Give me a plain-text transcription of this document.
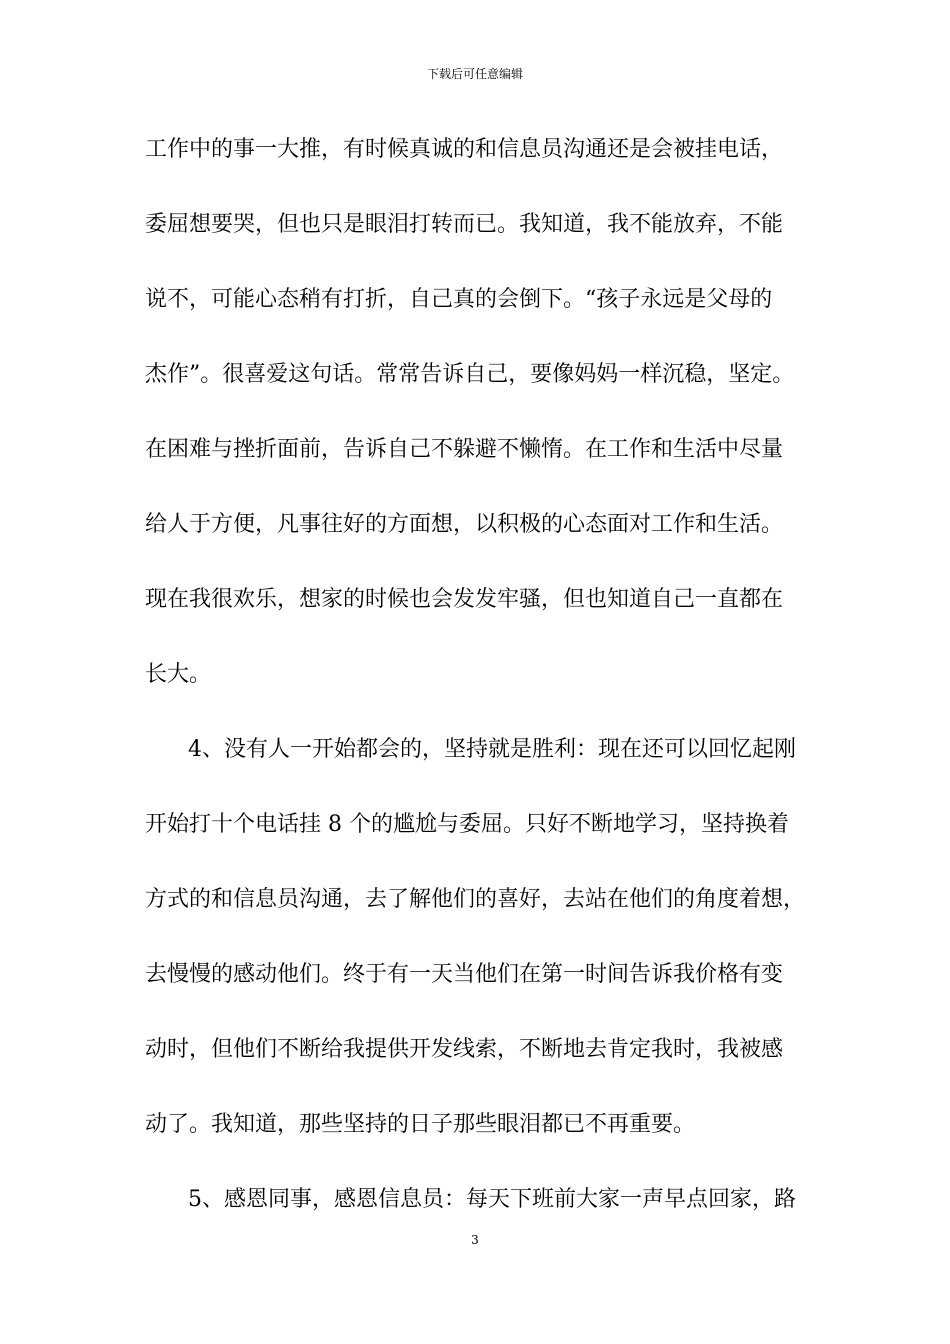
下载后可任意编辑
工作中的事一大推，有时候真诚的和信息员沟通还是会被挂电话，
委屈想要哭，但也只是眼泪打转而已。我知道，我不能放弃，不能
说不，可能心态稍有打折，自己真的会倒下。“孩子永远是父母的
杰作”。很喜爱这句话。常常告诉自己，要像妈妈一样沉稳，坚定。
在困难与挫折面前，告诉自己不躲避不懒惰。在工作和生活中尽量
给人于方便，凡事往好的方面想，以积极的心态面对工作和生活。
现在我很欢乐，想家的时候也会发发牢骚，但也知道自己一直都在
长大。
4、没有人一开始都会的，坚持就是胜利：现在还可以回忆起刚
开始打十个电话挂 8 个的尴尬与委屈。只好不断地学习，坚持换着
方式的和信息员沟通，去了解他们的喜好，去站在他们的角度着想，
去慢慢的感动他们。终于有一天当他们在第一时间告诉我价格有变
动时，但他们不断给我提供开发线索，不断地去肯定我时，我被感
动了。我知道，那些坚持的日子那些眼泪都已不再重要。
5、感恩同事，感恩信息员：每天下班前大家一声早点回家，路
3
